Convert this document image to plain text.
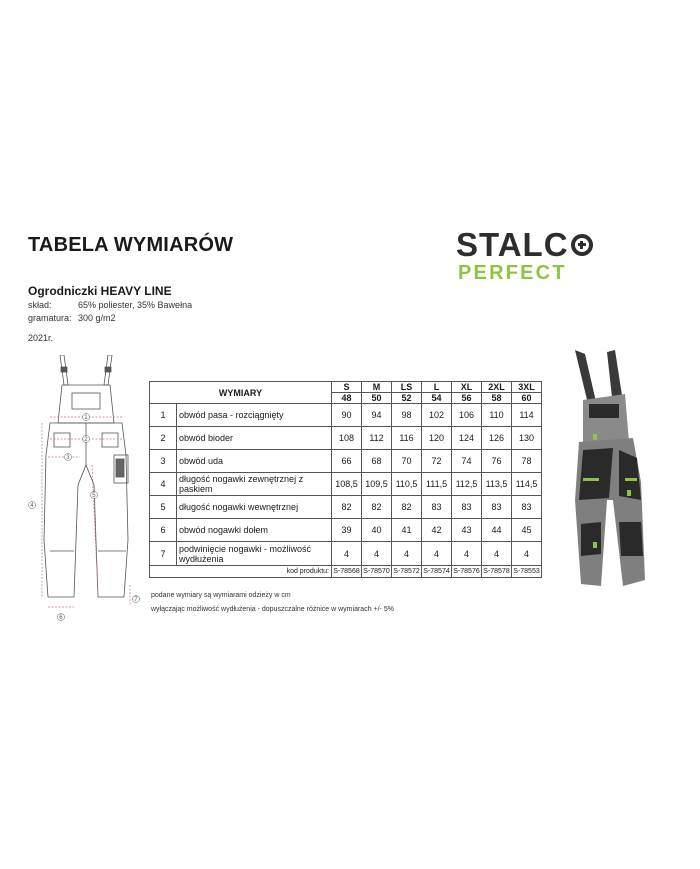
TABELA WYMIARÓW	STALC
PERFECT
Ogrodniczki HEAVY LINE
skład:	65% poliester, 35% Bawełna
gramatura: 300 g/m2
2021r.
1
2
3
4
5
6
7
WYMIARY		S	M	LS	L	XL	2XL	3XL
		48	50	52	54	56	58	60
1	obwód pasa - rozciągnięty	90	94	98	102	106	110	114
2	obwód bioder	108	112	116	120	124	126	130
3	obwód uda	66	68	70	72	74	76	78
4	długość nogawki zewnętrznej z paskiem	108,5	109,5	110,5	111,5	112,5	113,5	114,5
5	długość nogawki wewnętrznej	82	82	82	83	83	83	83
6	obwód nogawki dołem	39	40	41	42	43	44	45
7	podwinięcie nogawki - możliwość wydłużenia	4	4	4	4	4	4	4
kod produktu:		S-78568	S-78570	S-78572	S-78574	S-78576	S-78578	S-78553
podane wymiary są wymiarami odzieży w cm
wyłączając możliwość wydłużenia - dopuszczalne różnice w wymiarach +/- 5%
